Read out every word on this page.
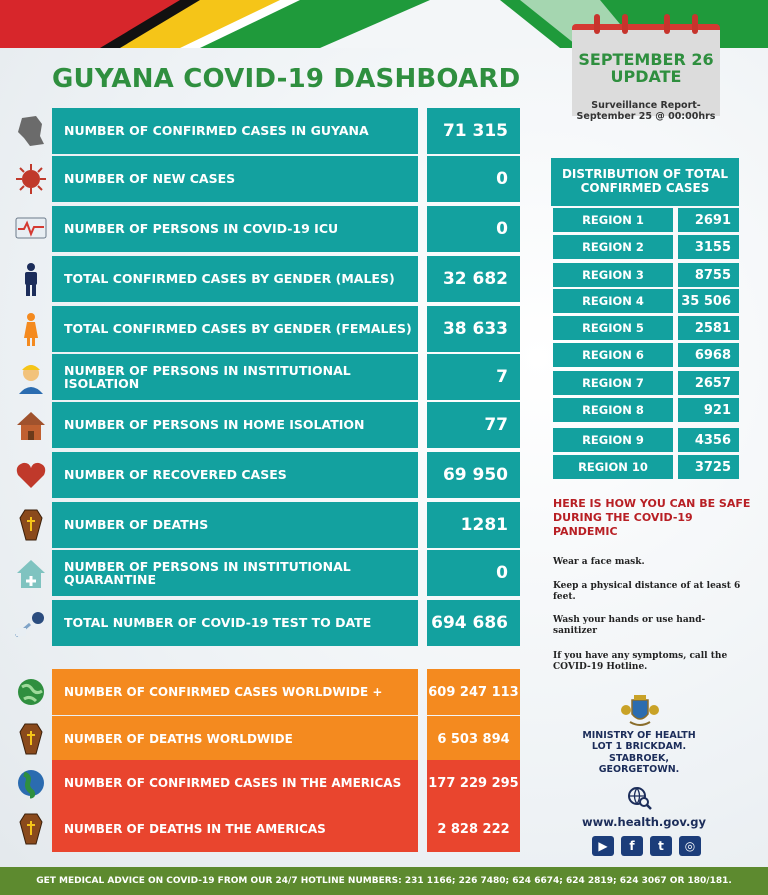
GUYANA COVID-19 DASHBOARD
SEPTEMBER 26 UPDATE
Surveillance Report- September 25 @ 00:00hrs
NUMBER OF CONFIRMED CASES IN GUYANA	71 315
NUMBER OF NEW CASES	0
NUMBER OF PERSONS IN COVID-19 ICU	0
TOTAL CONFIRMED CASES BY GENDER (MALES)	32 682
TOTAL CONFIRMED CASES BY GENDER (FEMALES)	38 633
NUMBER OF PERSONS IN INSTITUTIONAL ISOLATION	7
NUMBER OF PERSONS IN HOME ISOLATION	77
NUMBER OF RECOVERED CASES	69 950
NUMBER OF DEATHS	1281
NUMBER OF PERSONS IN INSTITUTIONAL QUARANTINE	0
TOTAL NUMBER OF COVID-19 TEST TO DATE	694 686
NUMBER OF CONFIRMED CASES WORLDWIDE +	609 247 113
NUMBER OF DEATHS WORLDWIDE	6 503 894
NUMBER OF CONFIRMED CASES IN THE AMERICAS	177 229 295
NUMBER OF DEATHS IN THE AMERICAS	2 828 222
DISTRIBUTION OF TOTAL CONFIRMED CASES
REGION 1	2691
REGION 2	3155
REGION 3	8755
REGION 4	35 506
REGION 5	2581
REGION 6	6968
REGION 7	2657
REGION 8	921
REGION 9	4356
REGION 10	3725
HERE IS HOW YOU CAN BE SAFE DURING THE COVID-19 PANDEMIC
Wear a face mask.
Keep a physical distance of at least 6 feet.
Wash your hands or use hand-sanitizer
If you have any symptoms, call the COVID-19 Hotline.
MINISTRY OF HEALTH
LOT 1 BRICKDAM.
STABROEK,
GEORGETOWN.
www.health.gov.gy
▶	f	t	◎
GET MEDICAL ADVICE ON COVID-19 FROM OUR 24/7 HOTLINE NUMBERS: 231 1166; 226 7480; 624 6674; 624 2819; 624 3067 OR 180/181.
